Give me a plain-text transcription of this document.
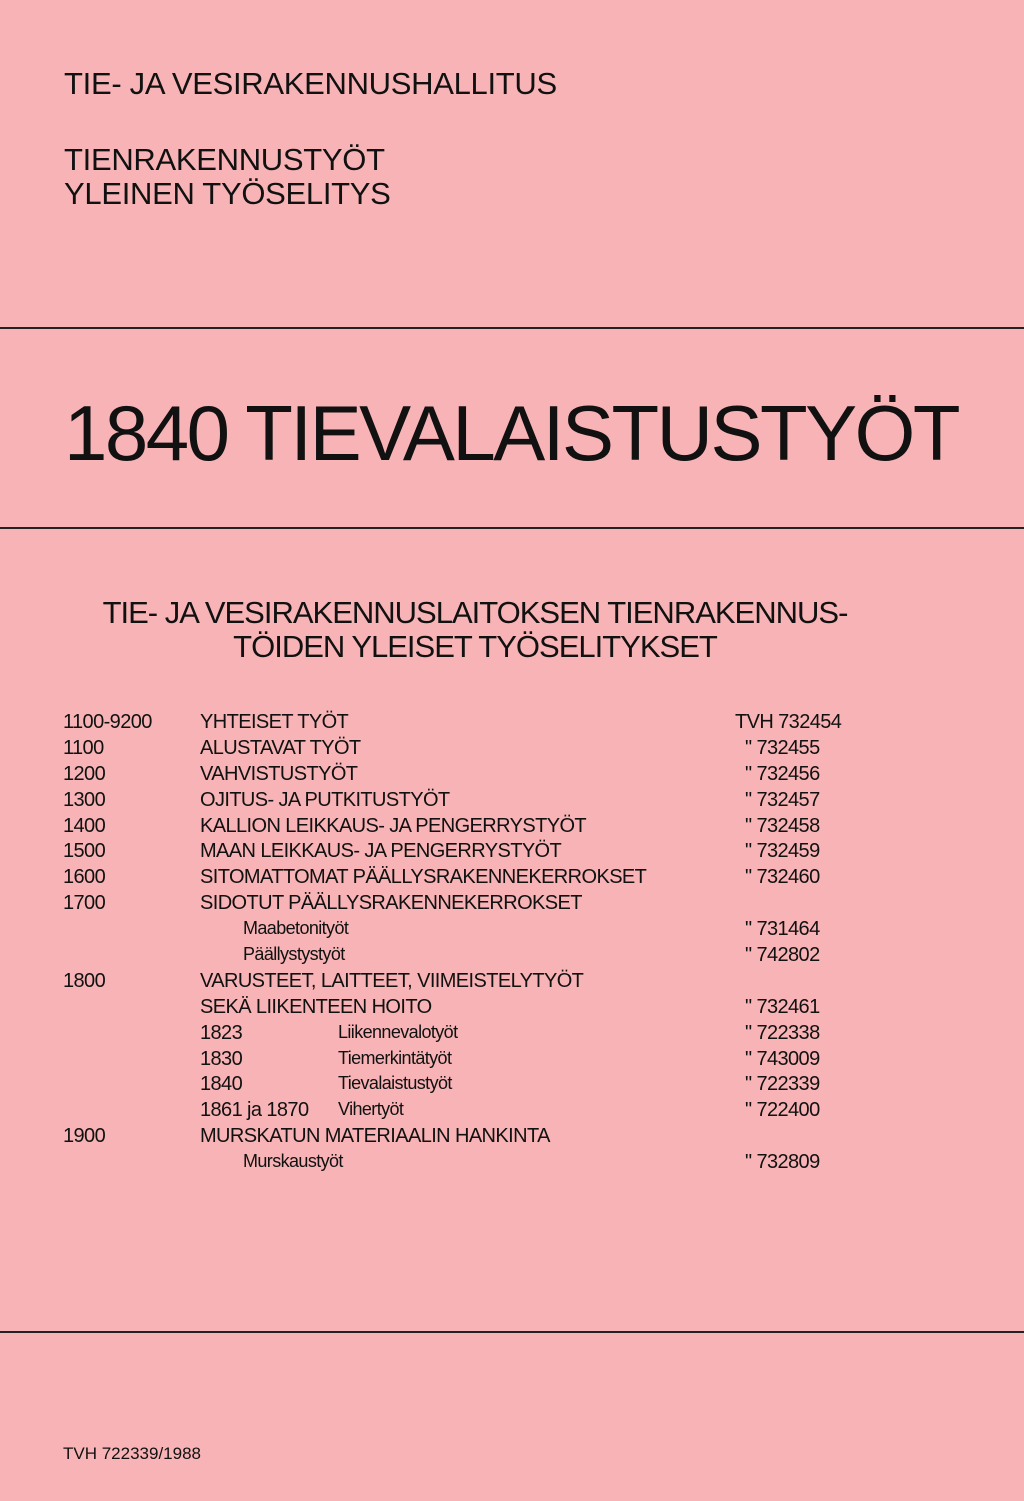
TIE- JA VESIRAKENNUSHALLITUS
TIENRAKENNUSTYÖT
YLEINEN TYÖSELITYS
1840 TIEVALAISTUSTYÖT
TIE- JA VESIRAKENNUSLAITOKSEN TIENRAKENNUS-
TÖIDEN YLEISET TYÖSELITYKSET
1100-9200 YHTEISET TYÖT	TVH 732454
1100	ALUSTAVAT TYÖT	" 732455
1200	VAHVISTUSTYÖT	" 732456
1300	OJITUS- JA PUTKITUSTYÖT	" 732457
1400	KALLION LEIKKAUS- JA PENGERRYSTYÖT	" 732458
1500	MAAN LEIKKAUS- JA PENGERRYSTYÖT	" 732459
1600	SITOMATTOMAT PÄÄLLYSRAKENNEKERROKSET	" 732460
1700	SIDOTUT PÄÄLLYSRAKENNEKERROKSET
Maabetonityöt	" 731464
Päällystystyöt	" 742802
1800	VARUSTEET, LAITTEET, VIIMEISTELYTYÖT
SEKÄ LIIKENTEEN HOITO	" 732461
1823	Liikennevalotyöt	" 722338
1830	Tiemerkintätyöt	" 743009
1840	Tievalaistustyöt	" 722339
1861 ja 1870 Vihertyöt	" 722400
1900	MURSKATUN MATERIAALIN HANKINTA
Murskaustyöt	" 732809
TVH 722339/1988
